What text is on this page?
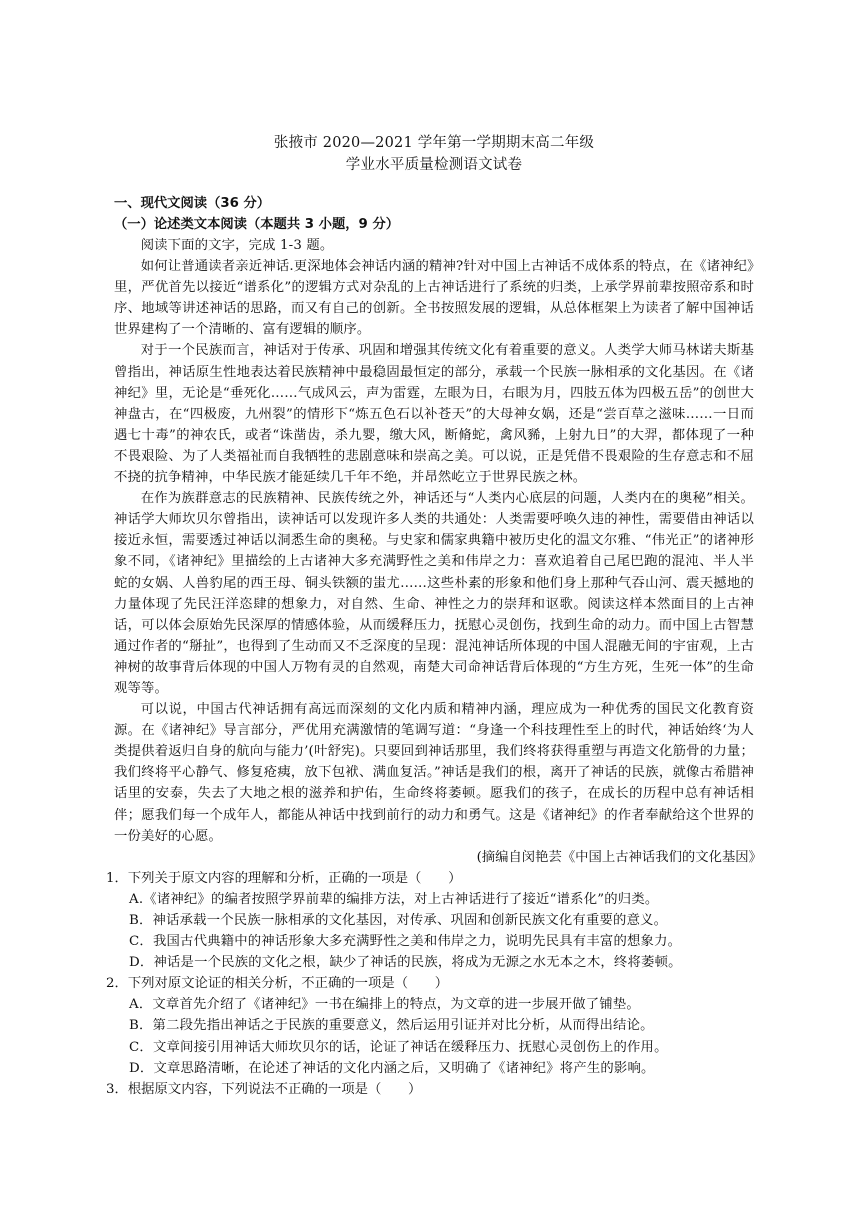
张掖市 2020—2021 学年第一学期期末高二年级
学业水平质量检测语文试卷
一、现代文阅读（36 分）
（一）论述类文本阅读（本题共 3 小题，9 分）

阅读下面的文字，完成 1-3 题。

如何让普通读者亲近神话.更深地体会神话内涵的精神?针对中国上古神话不成体系的特点，在《诸神纪》里，严优首先以接近“谱系化”的逻辑方式对杂乱的上古神话进行了系统的归类，上承学界前辈按照帝系和时序、地域等讲述神话的思路，而又有自己的创新。全书按照发展的逻辑，从总体框架上为读者了解中国神话世界建构了一个清晰的、富有逻辑的顺序。

对于一个民族而言，神话对于传承、巩固和增强其传统文化有着重要的意义。人类学大师马林诺夫斯基曾指出，神话原生性地表达着民族精神中最稳固最恒定的部分，承载一个民族一脉相承的文化基因。在《诸神纪》里，无论是“垂死化……气成风云，声为雷霆，左眼为日，右眼为月，四肢五体为四极五岳”的创世大神盘古，在“四极废，九州裂”的情形下“炼五色石以补苍天”的大母神女娲，还是“尝百草之滋味……一日而遇七十毒”的神农氏，或者“诛凿齿，杀九婴，缴大风，断脩蛇，禽风豨，上射九日”的大羿，都体现了一种不畏艰险、为了人类福祉而自我牺牲的悲剧意味和崇高之美。可以说，正是凭借不畏艰险的生存意志和不屈不挠的抗争精神，中华民族才能延续几千年不绝，并昂然屹立于世界民族之林。

在作为族群意志的民族精神、民族传统之外，神话还与“人类内心底层的问题，人类内在的奥秘”相关。神话学大师坎贝尔曾指出，读神话可以发现许多人类的共通处：人类需要呼唤久违的神性，需要借由神话以接近永恒，需要透过神话以洞悉生命的奥秘。与史家和儒家典籍中被历史化的温文尔雅、“伟光正”的诸神形象不同，《诸神纪》里描绘的上古诸神大多充满野性之美和伟岸之力：喜欢追着自己尾巴跑的混沌、半人半蛇的女娲、人兽豹尾的西王母、铜头铁额的蚩尤……这些朴素的形象和他们身上那种气吞山河、震天撼地的力量体现了先民汪洋恣肆的想象力，对自然、生命、神性之力的崇拜和讴歌。阅读这样本然面目的上古神话，可以体会原始先民深厚的情感体验，从而缓释压力，抚慰心灵创伤，找到生命的动力。而中国上古智慧通过作者的“掰扯”，也得到了生动而又不乏深度的呈现：混沌神话所体现的中国人混融无间的宇宙观，上古神树的故事背后体现的中国人万物有灵的自然观，南楚大司命神话背后体现的“方生方死，生死一体”的生命观等等。

可以说，中国古代神话拥有高远而深刻的文化内质和精神内涵，理应成为一种优秀的国民文化教育资源。在《诸神纪》导言部分，严优用充满激情的笔调写道：“身逢一个科技理性至上的时代，神话始终‘为人类提供着返归自身的航向与能力’(叶舒宪)。只要回到神话那里，我们终将获得重塑与再造文化筋骨的力量；我们终将平心静气、修复疮痍，放下包袱、满血复活。”神话是我们的根，离开了神话的民族，就像古希腊神话里的安泰，失去了大地之根的滋养和护佑，生命终将萎顿。愿我们的孩子，在成长的历程中总有神话相伴；愿我们每一个成年人，都能从神话中找到前行的动力和勇气。这是《诸神纪》的作者奉献给这个世界的一份美好的心愿。

(摘编自闵艳芸《中国上古神话我们的文化基因》
1．下列关于原文内容的理解和分析，正确的一项是（　　）
A.《诸神纪》的编者按照学界前辈的编排方法，对上古神话进行了接近“谱系化”的归类。
B．神话承载一个民族一脉相承的文化基因，对传承、巩固和创新民族文化有重要的意义。
C．我国古代典籍中的神话形象大多充满野性之美和伟岸之力，说明先民具有丰富的想象力。
D．神话是一个民族的文化之根，缺少了神话的民族，将成为无源之水无本之木，终将萎顿。
2．下列对原文论证的相关分析，不正确的一项是（　　）
A．文章首先介绍了《诸神纪》一书在编排上的特点，为文章的进一步展开做了铺垫。
B．第二段先指出神话之于民族的重要意义，然后运用引证并对比分析，从而得出结论。
C．文章间接引用神话大师坎贝尔的话，论证了神话在缓释压力、抚慰心灵创伤上的作用。
D．文章思路清晰，在论述了神话的文化内涵之后，又明确了《诸神纪》将产生的影响。
3．根据原文内容，下列说法不正确的一项是（　　）
